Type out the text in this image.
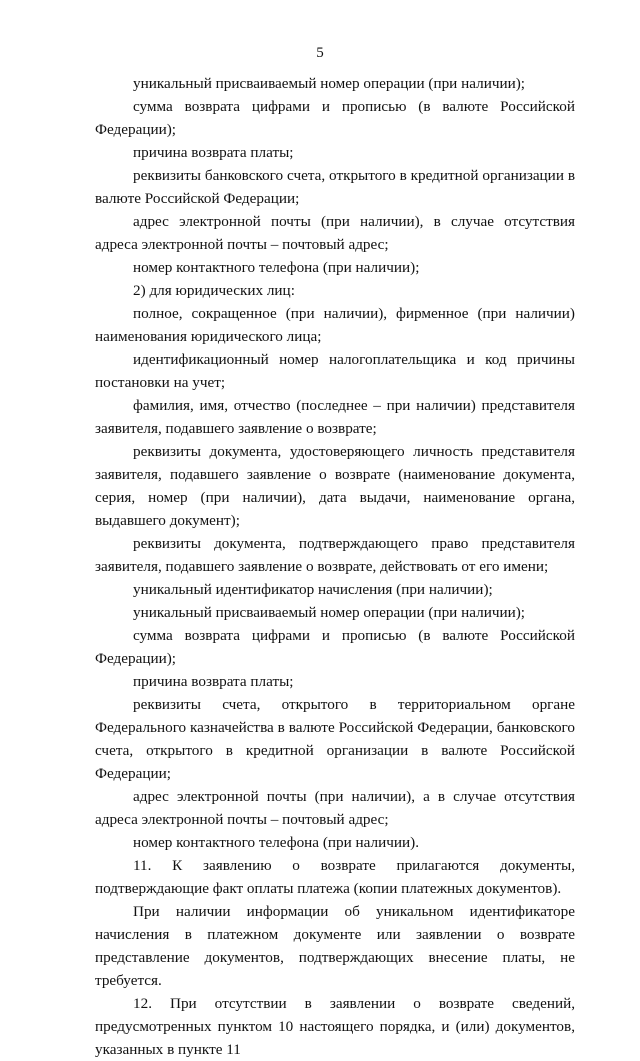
5

уникальный присваиваемый номер операции (при наличии);

сумма возврата цифрами и прописью (в валюте Российской Федерации);

причина возврата платы;

реквизиты банковского счета, открытого в кредитной организации в валюте Российской Федерации;

адрес электронной почты (при наличии), в случае отсутствия адреса электронной почты – почтовый адрес;

номер контактного телефона (при наличии);

2) для юридических лиц:

полное, сокращенное (при наличии), фирменное (при наличии) наименования юридического лица;

идентификационный номер налогоплательщика и код причины постановки на учет;

фамилия, имя, отчество (последнее – при наличии) представителя заявителя, подавшего заявление о возврате;

реквизиты документа, удостоверяющего личность представителя заявителя, подавшего заявление о возврате (наименование документа, серия, номер (при наличии), дата выдачи, наименование органа, выдавшего документ);

реквизиты документа, подтверждающего право представителя заявителя, подавшего заявление о возврате, действовать от его имени;

уникальный идентификатор начисления (при наличии);

уникальный присваиваемый номер операции (при наличии);

сумма возврата цифрами и прописью (в валюте Российской Федерации);

причина возврата платы;

реквизиты счета, открытого в территориальном органе Федерального казначейства в валюте Российской Федерации, банковского счета, открытого в кредитной организации в валюте Российской Федерации;

адрес электронной почты (при наличии), а в случае отсутствия адреса электронной почты – почтовый адрес;

номер контактного телефона (при наличии).

11. К заявлению о возврате прилагаются документы, подтверждающие факт оплаты платежа (копии платежных документов).

При наличии информации об уникальном идентификаторе начисления в платежном документе или заявлении о возврате представление документов, подтверждающих внесение платы, не требуется.

12. При отсутствии в заявлении о возврате сведений, предусмотренных пунктом 10 настоящего порядка, и (или) документов, указанных в пункте 11
